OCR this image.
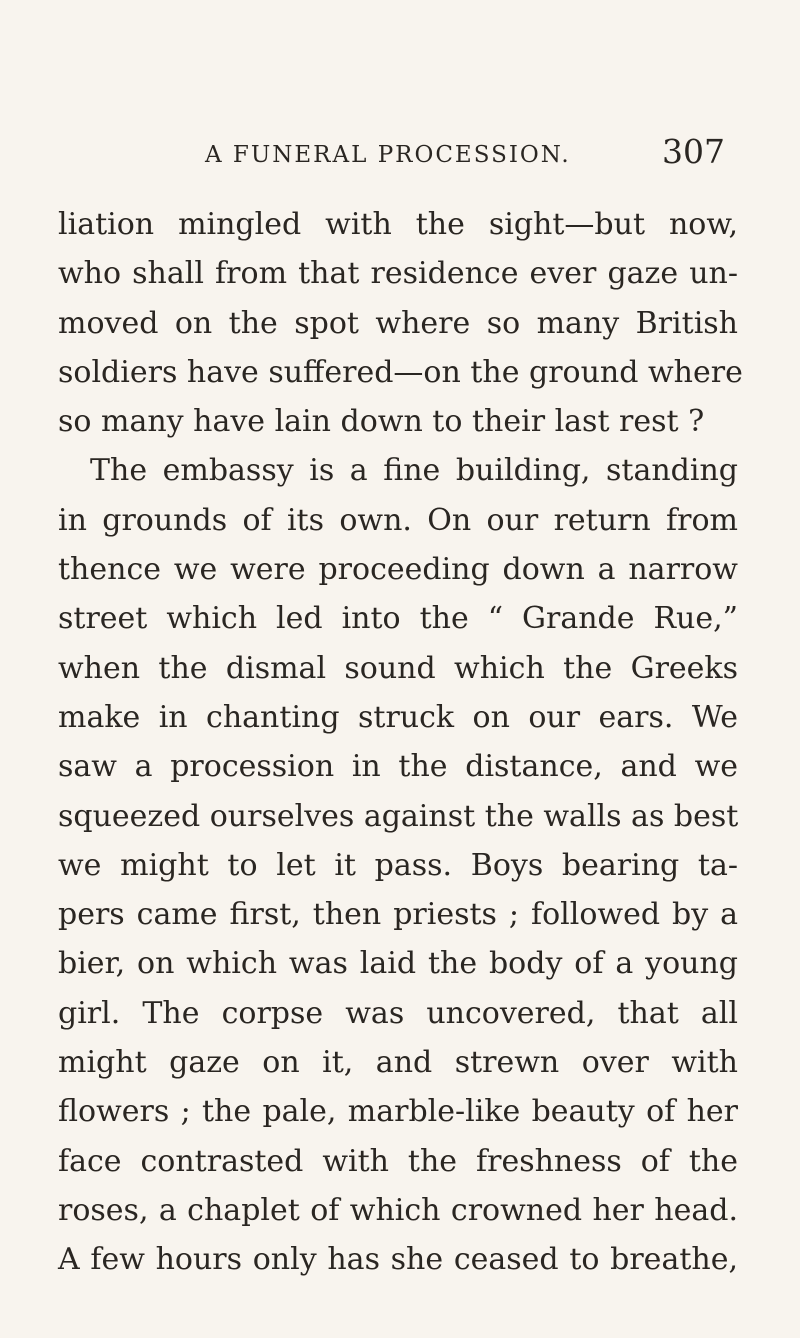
A FUNERAL PROCESSION.	307
liation mingled with the sight—but now,
who shall from that residence ever gaze un-
moved on the spot where so many British
soldiers have suffered—on the ground where
so many have lain down to their last rest ?
The embassy is a fine building, standing
in grounds of its own. On our return from
thence we were proceeding down a narrow
street which led into the “ Grande Rue,”
when the dismal sound which the Greeks
make in chanting struck on our ears. We
saw a procession in the distance, and we
squeezed ourselves against the walls as best
we might to let it pass. Boys bearing ta-
pers came first, then priests ; followed by a
bier, on which was laid the body of a young
girl. The corpse was uncovered, that all
might gaze on it, and strewn over with
flowers ; the pale, marble-like beauty of her
face contrasted with the freshness of the
roses, a chaplet of which crowned her head.
A few hours only has she ceased to breathe,
